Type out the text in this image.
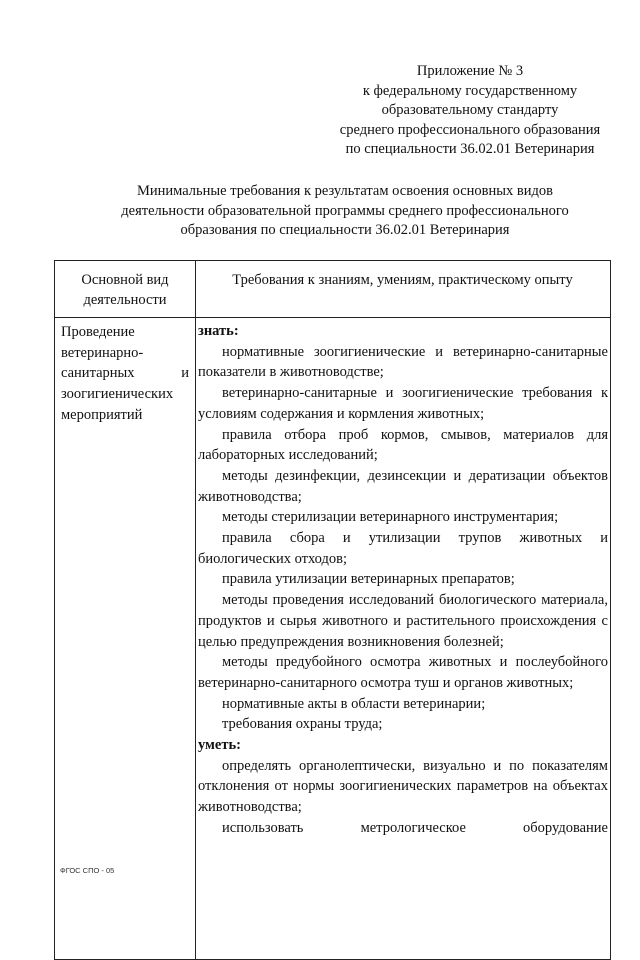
Приложение № 3
к федеральному государственному
образовательному стандарту
среднего профессионального образования
по специальности 36.02.01 Ветеринария
Минимальные требования к результатам освоения основных видов
деятельности образовательной программы среднего профессионального
образования по специальности 36.02.01 Ветеринария
Основной вид деятельности
Требования к знаниям, умениям, практическому опыту
Проведение
ветеринарно-
санитарных	и
зоогигиенических
мероприятий
знать:
нормативные зоогигиенические и ветеринарно-санитарные показатели в животноводстве;
ветеринарно-санитарные и зоогигиенические требования к условиям содержания и кормления животных;
правила отбора проб кормов, смывов, материалов для лабораторных исследований;
методы дезинфекции, дезинсекции и дератизации объектов животноводства;
методы стерилизации ветеринарного инструментария;
правила сбора и утилизации трупов животных и биологических отходов;
правила утилизации ветеринарных препаратов;
методы проведения исследований биологического материала, продуктов и сырья животного и растительного происхождения с целью предупреждения возникновения болезней;
методы предубойного осмотра животных и послеубойного ветеринарно-санитарного осмотра туш и органов животных;
нормативные акты в области ветеринарии;
требования охраны труда;
уметь:
определять органолептически, визуально и по показателям отклонения от нормы зоогигиенических параметров на объектах животноводства;
использовать метрологическое оборудование
ФГОС СПО - 05
